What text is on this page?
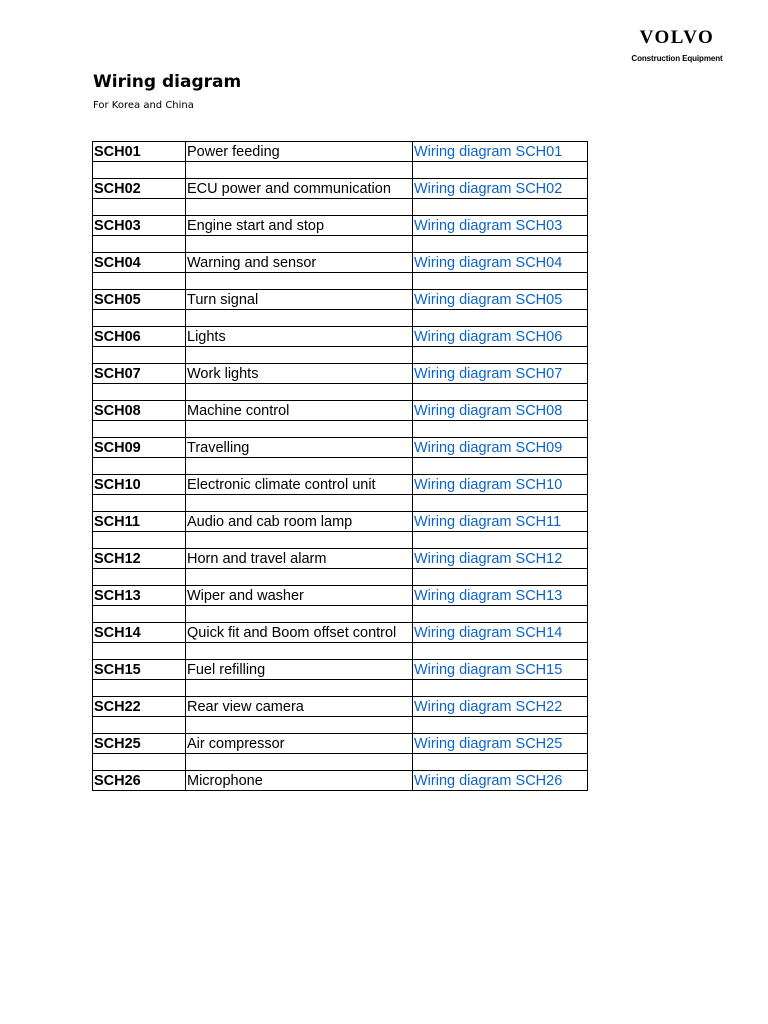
VOLVO
Construction Equipment
Wiring diagram
For Korea and China
SCH01	Power feeding	Wiring diagram SCH01

SCH02	ECU power and communication	Wiring diagram SCH02

SCH03	Engine start and stop	Wiring diagram SCH03

SCH04	Warning and sensor	Wiring diagram SCH04

SCH05	Turn signal	Wiring diagram SCH05

SCH06	Lights	Wiring diagram SCH06

SCH07	Work lights	Wiring diagram SCH07

SCH08	Machine control	Wiring diagram SCH08

SCH09	Travelling	Wiring diagram SCH09

SCH10	Electronic climate control unit	Wiring diagram SCH10

SCH11	Audio and cab room lamp	Wiring diagram SCH11

SCH12	Horn and travel alarm	Wiring diagram SCH12

SCH13	Wiper and washer	Wiring diagram SCH13

SCH14	Quick fit and Boom offset control	Wiring diagram SCH14

SCH15	Fuel refilling	Wiring diagram SCH15

SCH22	Rear view camera	Wiring diagram SCH22

SCH25	Air compressor	Wiring diagram SCH25

SCH26	Microphone	Wiring diagram SCH26
